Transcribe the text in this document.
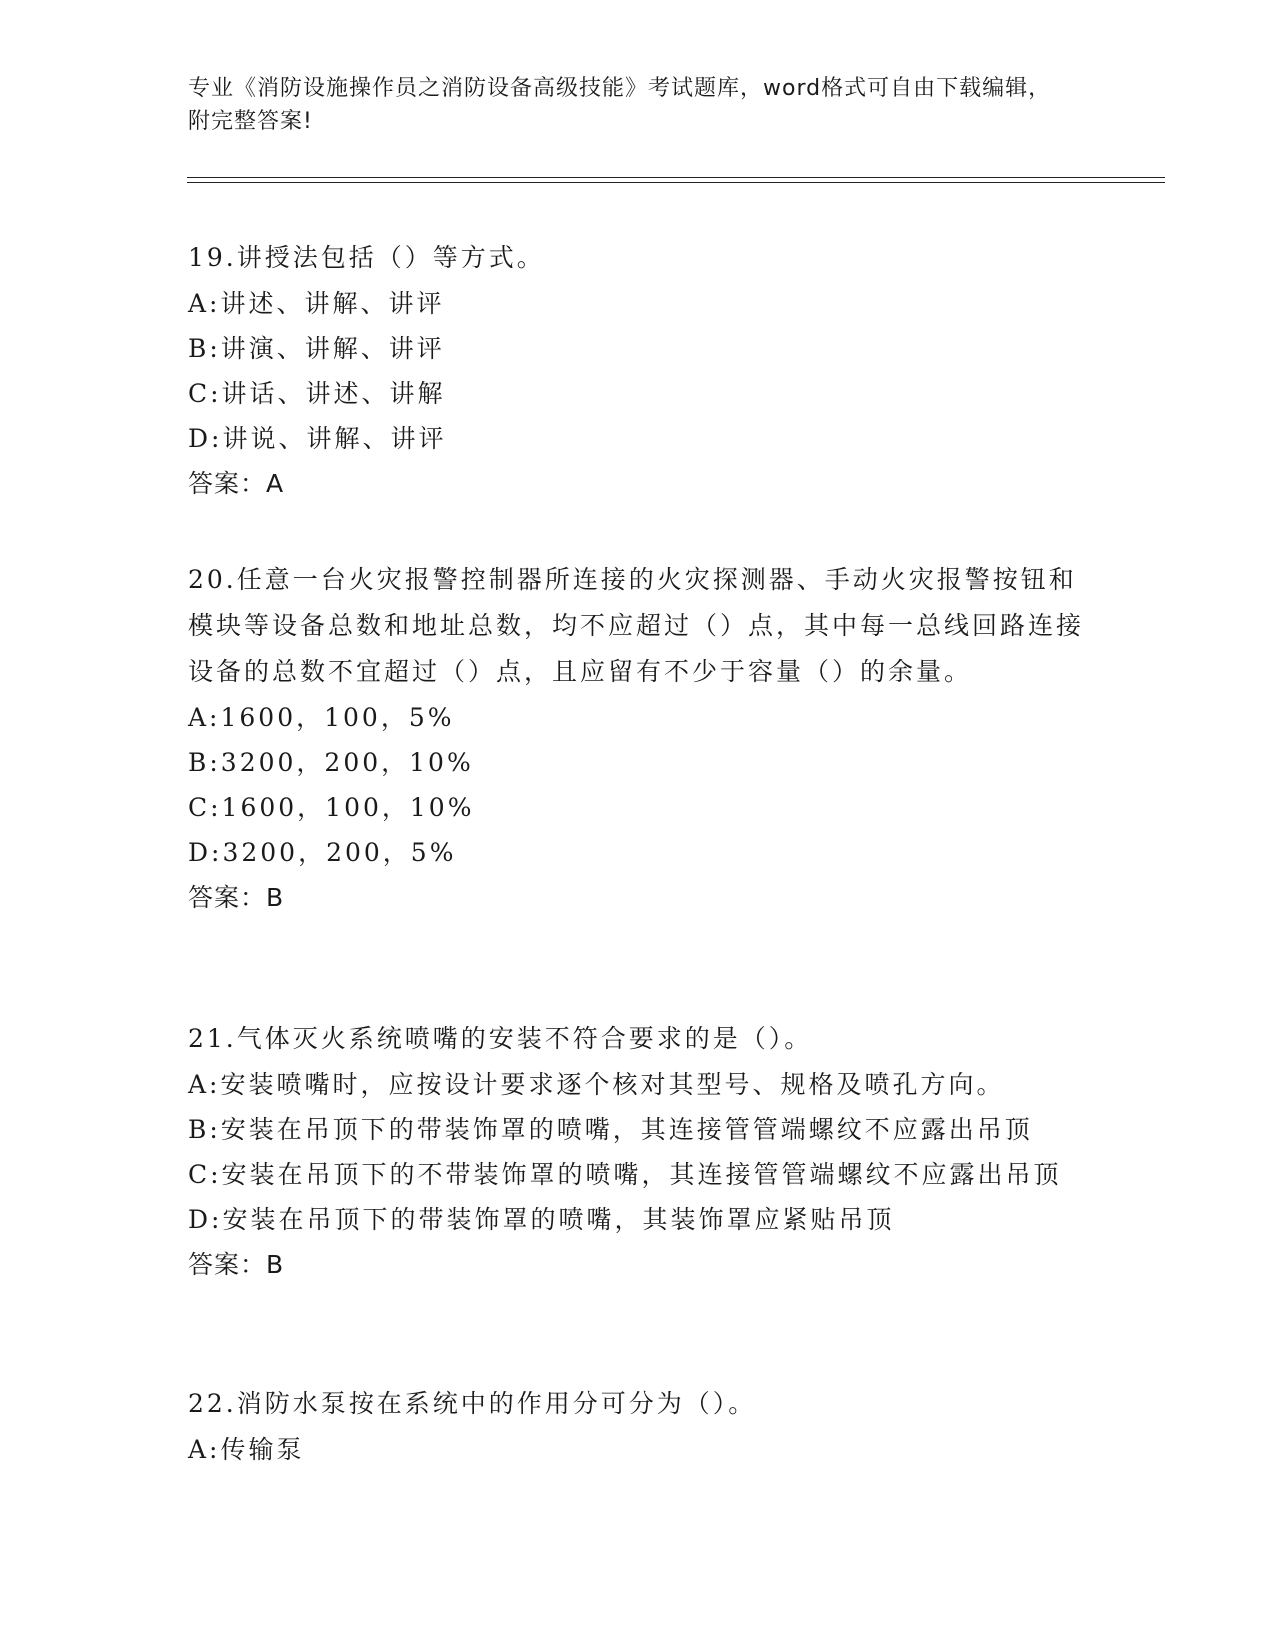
专业《消防设施操作员之消防设备高级技能》考试题库，word格式可自由下载编辑，附完整答案!

19.讲授法包括（）等方式。

A:讲述、讲解、讲评

B:讲演、讲解、讲评

C:讲话、讲述、讲解

D:讲说、讲解、讲评

答案：A

20.任意一台火灾报警控制器所连接的火灾探测器、手动火灾报警按钮和模块等设备总数和地址总数，均不应超过（）点，其中每一总线回路连接设备的总数不宜超过（）点，且应留有不少于容量（）的余量。

A:1600，100，5%

B:3200，200，10%

C:1600，100，10%

D:3200，200，5%

答案：B

21.气体灭火系统喷嘴的安装不符合要求的是（）。

A:安装喷嘴时，应按设计要求逐个核对其型号、规格及喷孔方向。

B:安装在吊顶下的带装饰罩的喷嘴，其连接管管端螺纹不应露出吊顶

C:安装在吊顶下的不带装饰罩的喷嘴，其连接管管端螺纹不应露出吊顶

D:安装在吊顶下的带装饰罩的喷嘴，其装饰罩应紧贴吊顶

答案：B

22.消防水泵按在系统中的作用分可分为（）。

A:传输泵
